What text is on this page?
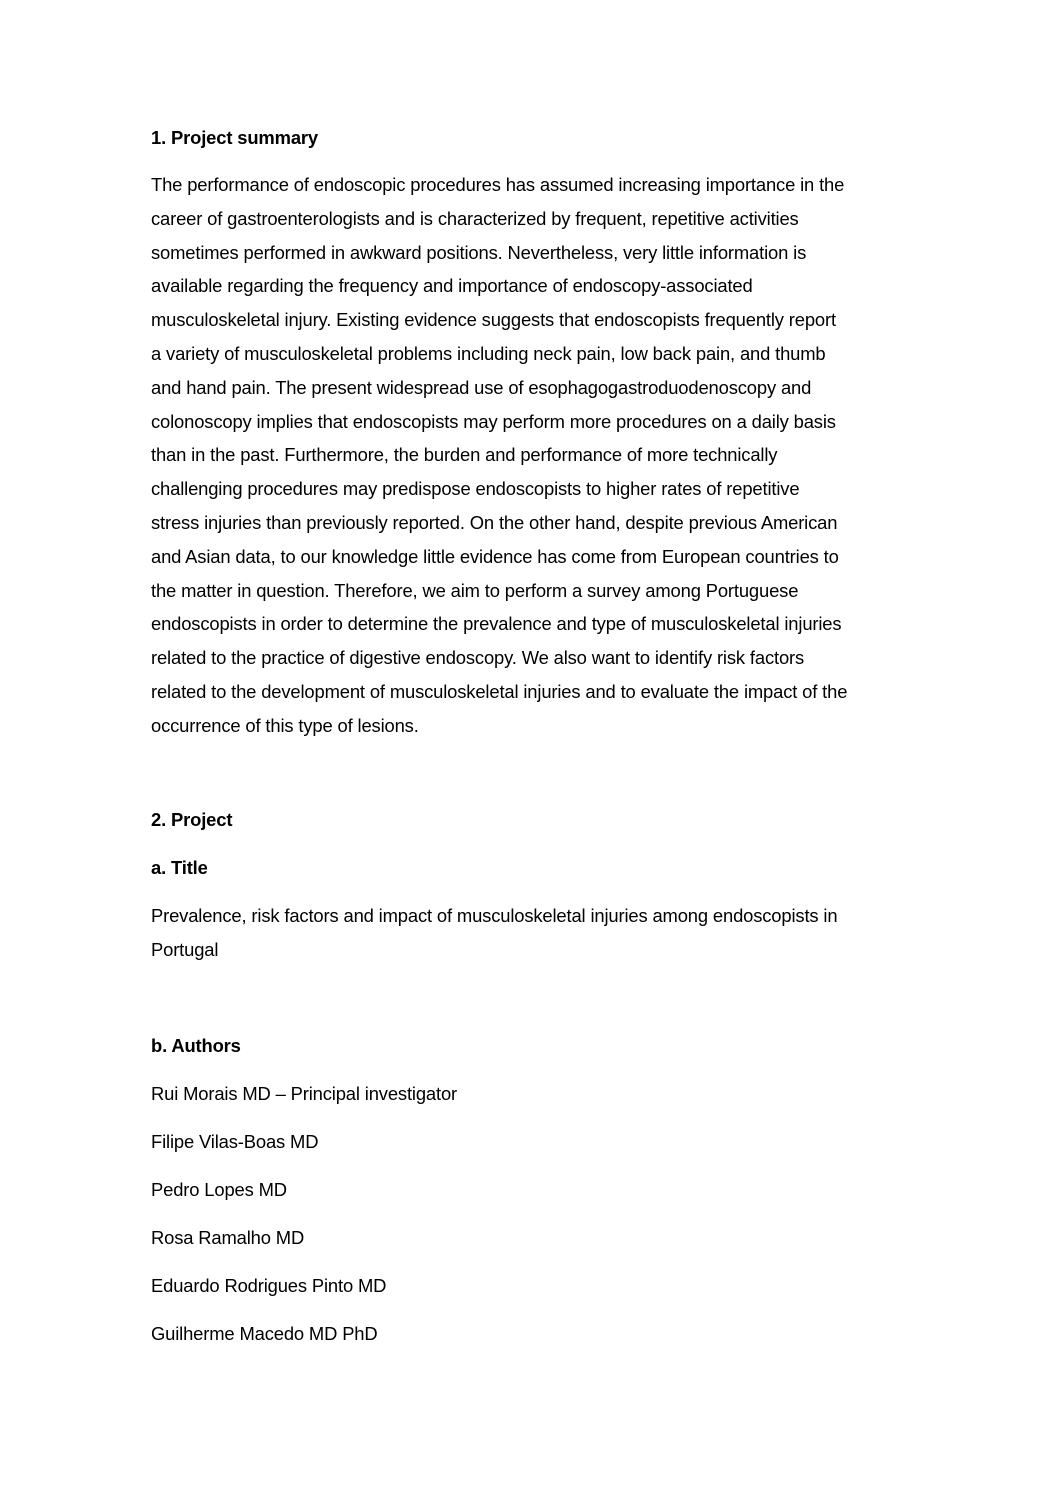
1. Project summary
The performance of endoscopic procedures has assumed increasing importance in the
career of gastroenterologists and is characterized by frequent, repetitive activities
sometimes performed in awkward positions. Nevertheless, very little information is
available regarding the frequency and importance of endoscopy-associated
musculoskeletal injury. Existing evidence suggests that endoscopists frequently report
a variety of musculoskeletal problems including neck pain, low back pain, and thumb
and hand pain. The present widespread use of esophagogastroduodenoscopy and
colonoscopy implies that endoscopists may perform more procedures on a daily basis
than in the past. Furthermore, the burden and performance of more technically
challenging procedures may predispose endoscopists to higher rates of repetitive
stress injuries than previously reported. On the other hand, despite previous American
and Asian data, to our knowledge little evidence has come from European countries to
the matter in question. Therefore, we aim to perform a survey among Portuguese
endoscopists in order to determine the prevalence and type of musculoskeletal injuries
related to the practice of digestive endoscopy. We also want to identify risk factors
related to the development of musculoskeletal injuries and to evaluate the impact of the
occurrence of this type of lesions.
2. Project
a. Title
Prevalence, risk factors and impact of musculoskeletal injuries among endoscopists in
Portugal
b. Authors
Rui Morais MD – Principal investigator
Filipe Vilas-Boas MD
Pedro Lopes MD
Rosa Ramalho MD
Eduardo Rodrigues Pinto MD
Guilherme Macedo MD PhD
